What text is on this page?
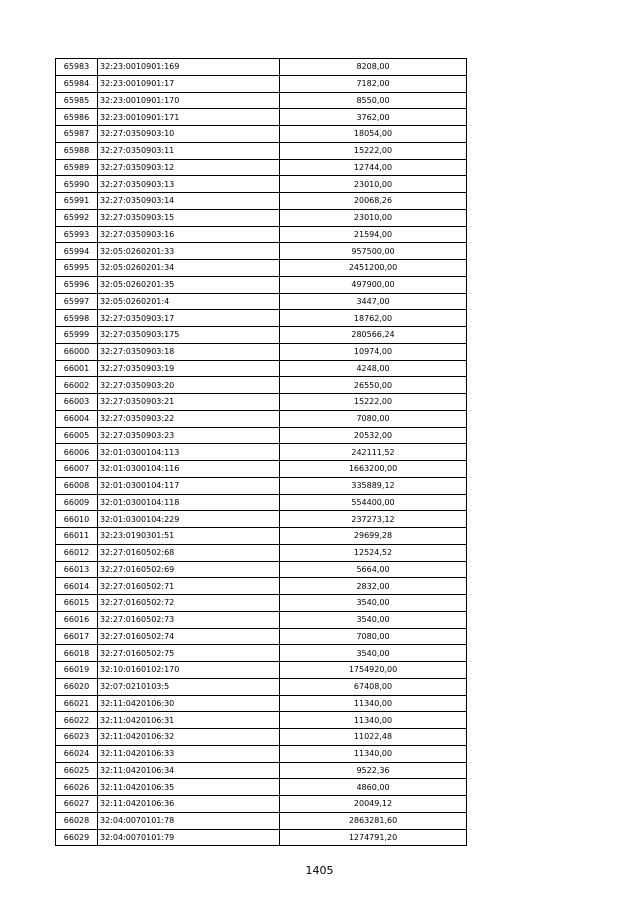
65983	32:23:0010901:169	8208,00
65984	32:23:0010901:17	7182,00
65985	32:23:0010901:170	8550,00
65986	32:23:0010901:171	3762,00
65987	32:27:0350903:10	18054,00
65988	32:27:0350903:11	15222,00
65989	32:27:0350903:12	12744,00
65990	32:27:0350903:13	23010,00
65991	32:27:0350903:14	20068,26
65992	32:27:0350903:15	23010,00
65993	32:27:0350903:16	21594,00
65994	32:05:0260201:33	957500,00
65995	32:05:0260201:34	2451200,00
65996	32:05:0260201:35	497900,00
65997	32:05:0260201:4	3447,00
65998	32:27:0350903:17	18762,00
65999	32:27:0350903:175	280566,24
66000	32:27:0350903:18	10974,00
66001	32:27:0350903:19	4248,00
66002	32:27:0350903:20	26550,00
66003	32:27:0350903:21	15222,00
66004	32:27:0350903:22	7080,00
66005	32:27:0350903:23	20532,00
66006	32:01:0300104:113	242111,52
66007	32:01:0300104:116	1663200,00
66008	32:01:0300104:117	335889,12
66009	32:01:0300104:118	554400,00
66010	32:01:0300104:229	237273,12
66011	32:23:0190301:51	29699,28
66012	32:27:0160502:68	12524,52
66013	32:27:0160502:69	5664,00
66014	32:27:0160502:71	2832,00
66015	32:27:0160502:72	3540,00
66016	32:27:0160502:73	3540,00
66017	32:27:0160502:74	7080,00
66018	32:27:0160502:75	3540,00
66019	32:10:0160102:170	1754920,00
66020	32:07:0210103:5	67408,00
66021	32:11:0420106:30	11340,00
66022	32:11:0420106:31	11340,00
66023	32:11:0420106:32	11022,48
66024	32:11:0420106:33	11340,00
66025	32:11:0420106:34	9522,36
66026	32:11:0420106:35	4860,00
66027	32:11:0420106:36	20049,12
66028	32:04:0070101:78	2863281,60
66029	32:04:0070101:79	1274791,20
1405
